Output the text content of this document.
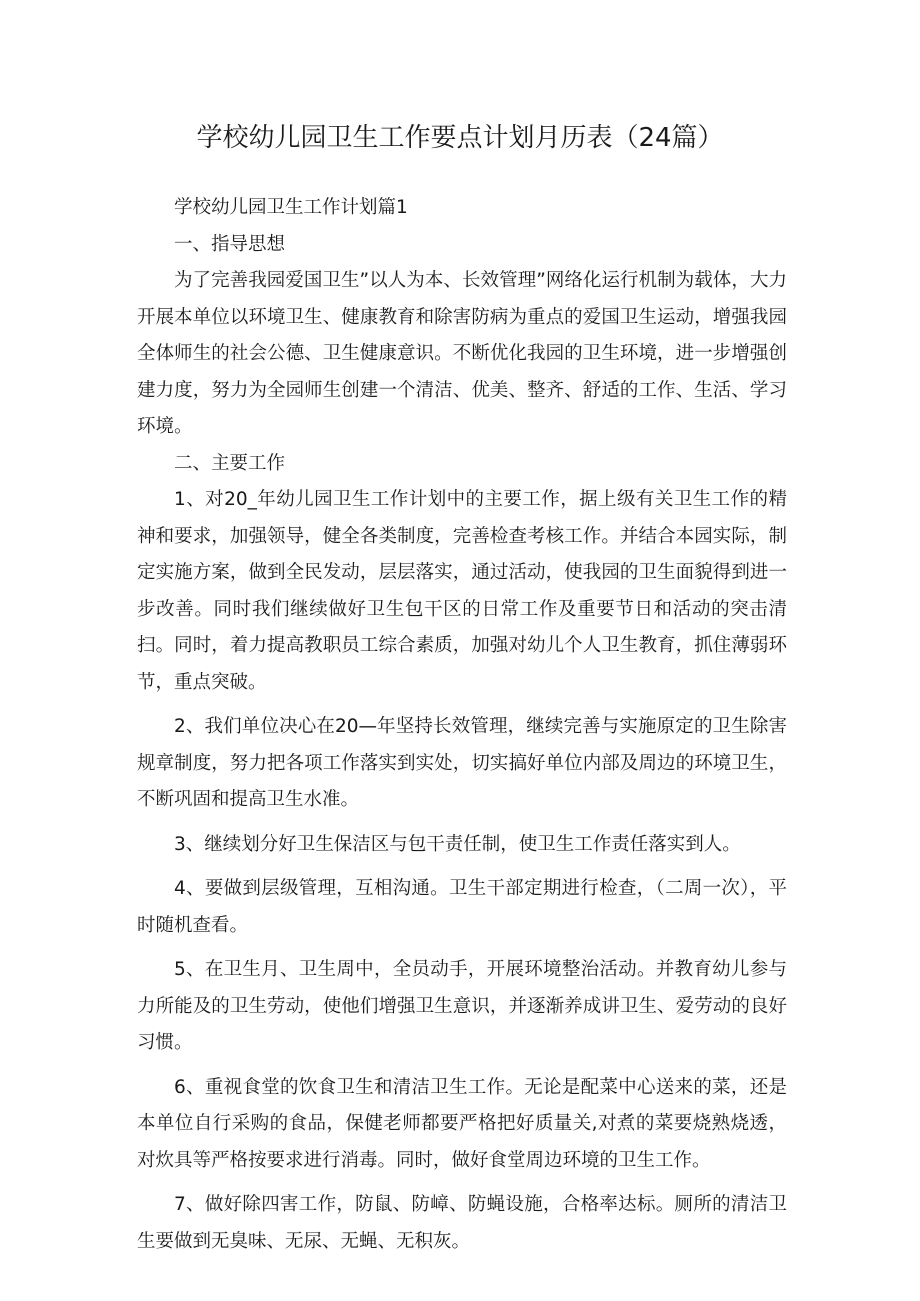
学校幼儿园卫生工作要点计划月历表（24篇）

学校幼儿园卫生工作计划篇1

一、指导思想

为了完善我园爱国卫生”以人为本、长效管理”网络化运行机制为载体，大力开展本单位以环境卫生、健康教育和除害防病为重点的爱国卫生运动，增强我园全体师生的社会公德、卫生健康意识。不断优化我园的卫生环境，进一步增强创建力度，努力为全园师生创建一个清洁、优美、整齐、舒适的工作、生活、学习环境。

二、主要工作

1、对20_年幼儿园卫生工作计划中的主要工作，据上级有关卫生工作的精神和要求，加强领导，健全各类制度，完善检查考核工作。并结合本园实际，制定实施方案，做到全民发动，层层落实，通过活动，使我园的卫生面貌得到进一步改善。同时我们继续做好卫生包干区的日常工作及重要节日和活动的突击清扫。同时，着力提高教职员工综合素质，加强对幼儿个人卫生教育，抓住薄弱环节，重点突破。

2、我们单位决心在20—年坚持长效管理，继续完善与实施原定的卫生除害规章制度，努力把各项工作落实到实处，切实搞好单位内部及周边的环境卫生，不断巩固和提高卫生水准。

3、继续划分好卫生保洁区与包干责任制，使卫生工作责任落实到人。

4、要做到层级管理，互相沟通。卫生干部定期进行检查，（二周一次），平时随机查看。

5、在卫生月、卫生周中，全员动手，开展环境整治活动。并教育幼儿参与力所能及的卫生劳动，使他们增强卫生意识，并逐渐养成讲卫生、爱劳动的良好习惯。

6、重视食堂的饮食卫生和清洁卫生工作。无论是配菜中心送来的菜，还是本单位自行采购的食品，保健老师都要严格把好质量关,对煮的菜要烧熟烧透，对炊具等严格按要求进行消毒。同时，做好食堂周边环境的卫生工作。

7、做好除四害工作，防鼠、防嶂、防蝇设施，合格率达标。厕所的清洁卫生要做到无臭味、无尿、无蝇、无积灰。
